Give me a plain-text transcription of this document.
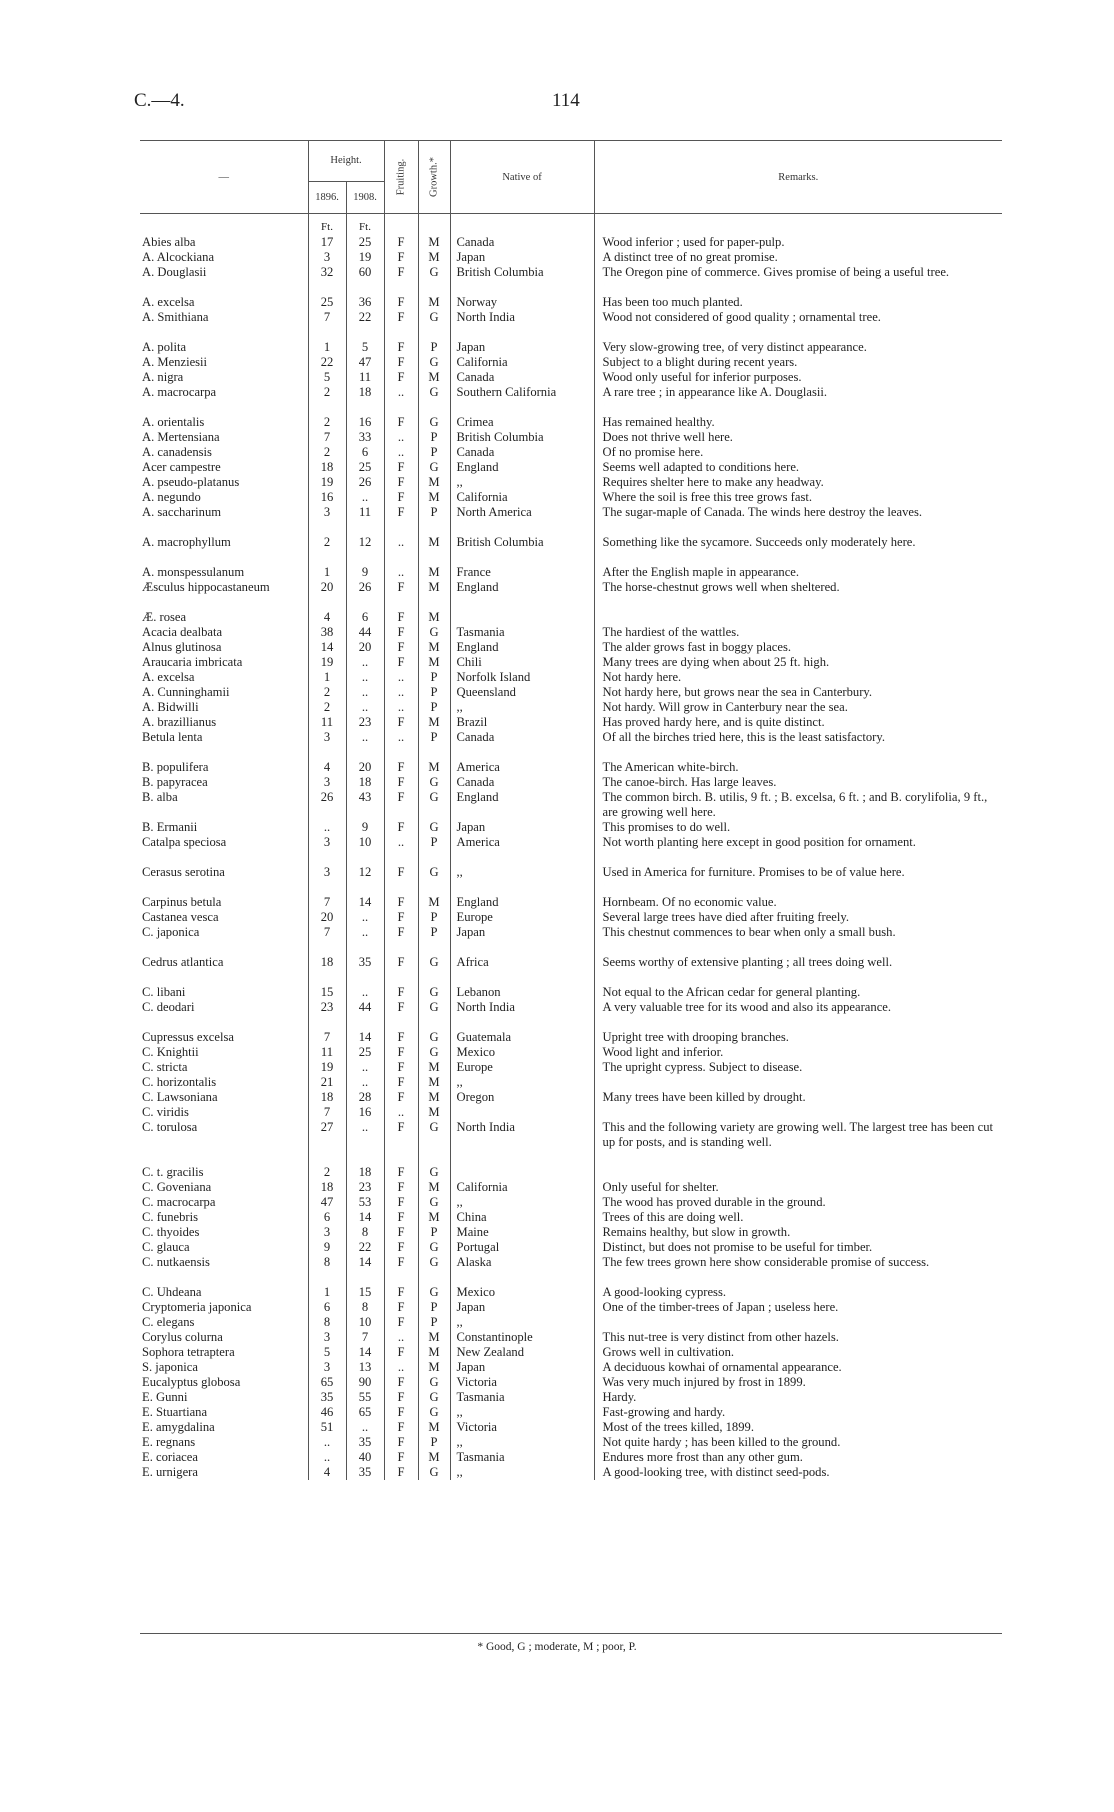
C.—4.	114
—	Height.		Fruiting.	Growth.*	Native of	Remarks.
	1896.	1908.				
	Ft.	Ft.				
Abies alba	17	25	F	M	Canada	Wood inferior ; used for paper-pulp.
A. Alcockiana	3	19	F	M	Japan	A distinct tree of no great promise.
A. Douglasii	32	60	F	G	British Columbia	The Oregon pine of commerce. Gives promise of being a useful tree.
A. excelsa	25	36	F	M	Norway	Has been too much planted.
A. Smithiana	7	22	F	G	North India	Wood not considered of good quality ; ornamental tree.
A. polita	1	5	F	P	Japan	Very slow-growing tree, of very distinct appearance.
A. Menziesii	22	47	F	G	California	Subject to a blight during recent years.
A. nigra	5	11	F	M	Canada	Wood only useful for inferior purposes.
A. macrocarpa	2	18	..	G	Southern California	A rare tree ; in appearance like A. Douglasii.
A. orientalis	2	16	F	G	Crimea	Has remained healthy.
A. Mertensiana	7	33	..	P	British Columbia	Does not thrive well here.
A. canadensis	2	6	..	P	Canada	Of no promise here.
Acer campestre	18	25	F	G	England	Seems well adapted to conditions here.
A. pseudo-platanus	19	26	F	M	,,	Requires shelter here to make any headway.
A. negundo	16	..	F	M	California	Where the soil is free this tree grows fast.
A. saccharinum	3	11	F	P	North America	The sugar-maple of Canada. The winds here destroy the leaves.
A. macrophyllum	2	12	..	M	British Columbia	Something like the sycamore. Succeeds only moderately here.
A. monspessulanum	1	9	..	M	France	After the English maple in appearance.
Æsculus hippocastaneum	20	26	F	M	England	The horse-chestnut grows well when sheltered.
Æ. rosea	4	6	F	M		
Acacia dealbata	38	44	F	G	Tasmania	The hardiest of the wattles.
Alnus glutinosa	14	20	F	M	England	The alder grows fast in boggy places.
Araucaria imbricata	19	..	F	M	Chili	Many trees are dying when about 25 ft. high.
A. excelsa	1	..	..	P	Norfolk Island	Not hardy here.
A. Cunninghamii	2	..	..	P	Queensland	Not hardy here, but grows near the sea in Canterbury.
A. Bidwilli	2	..	..	P	,,	Not hardy. Will grow in Canterbury near the sea.
A. brazillianus	11	23	F	M	Brazil	Has proved hardy here, and is quite distinct.
Betula lenta	3	..	..	P	Canada	Of all the birches tried here, this is the least satisfactory.
B. populifera	4	20	F	M	America	The American white-birch.
B. papyracea	3	18	F	G	Canada	The canoe-birch. Has large leaves.
B. alba	26	43	F	G	England	The common birch. B. utilis, 9 ft. ; B. excelsa, 6 ft. ; and B. corylifolia, 9 ft., are growing well here.
B. Ermanii	..	9	F	G	Japan	This promises to do well.
Catalpa speciosa	3	10	..	P	America	Not worth planting here except in good position for ornament.
Cerasus serotina	3	12	F	G	,,	Used in America for furniture. Promises to be of value here.
Carpinus betula	7	14	F	M	England	Hornbeam. Of no economic value.
Castanea vesca	20	..	F	P	Europe	Several large trees have died after fruiting freely.
C. japonica	7	..	F	P	Japan	This chestnut commences to bear when only a small bush.
Cedrus atlantica	18	35	F	G	Africa	Seems worthy of extensive planting ; all trees doing well.
C. libani	15	..	F	G	Lebanon	Not equal to the African cedar for general planting.
C. deodari	23	44	F	G	North India	A very valuable tree for its wood and also its appearance.
Cupressus excelsa	7	14	F	G	Guatemala	Upright tree with drooping branches.
C. Knightii	11	25	F	G	Mexico	Wood light and inferior.
C. stricta	19	..	F	M	Europe	The upright cypress. Subject to disease.
C. horizontalis	21	..	F	M	,,	
C. Lawsoniana	18	28	F	M	Oregon	Many trees have been killed by drought.
C. viridis	7	16	..	M		
C. torulosa	27	..	F	G	North India	This and the following variety are growing well. The largest tree has been cut up for posts, and is standing well.
C. t. gracilis	2	18	F	G		
C. Goveniana	18	23	F	M	California	Only useful for shelter.
C. macrocarpa	47	53	F	G	,,	The wood has proved durable in the ground.
C. funebris	6	14	F	M	China	Trees of this are doing well.
C. thyoides	3	8	F	P	Maine	Remains healthy, but slow in growth.
C. glauca	9	22	F	G	Portugal	Distinct, but does not promise to be useful for timber.
C. nutkaensis	8	14	F	G	Alaska	The few trees grown here show considerable promise of success.
C. Uhdeana	1	15	F	G	Mexico	A good-looking cypress.
Cryptomeria japonica	6	8	F	P	Japan	One of the timber-trees of Japan ; useless here.
C. elegans	8	10	F	P	,,	
Corylus colurna	3	7	..	M	Constantinople	This nut-tree is very distinct from other hazels.
Sophora tetraptera	5	14	F	M	New Zealand	Grows well in cultivation.
S. japonica	3	13	..	M	Japan	A deciduous kowhai of ornamental appearance.
Eucalyptus globosa	65	90	F	G	Victoria	Was very much injured by frost in 1899.
E. Gunni	35	55	F	G	Tasmania	Hardy.
E. Stuartiana	46	65	F	G	,,	Fast-growing and hardy.
E. amygdalina	51	..	F	M	Victoria	Most of the trees killed, 1899.
E. regnans	..	35	F	P	,,	Not quite hardy ; has been killed to the ground.
E. coriacea	..	40	F	M	Tasmania	Endures more frost than any other gum.
E. urnigera	4	35	F	G	,,	A good-looking tree, with distinct seed-pods.
* Good, G ; moderate, M ; poor, P.
